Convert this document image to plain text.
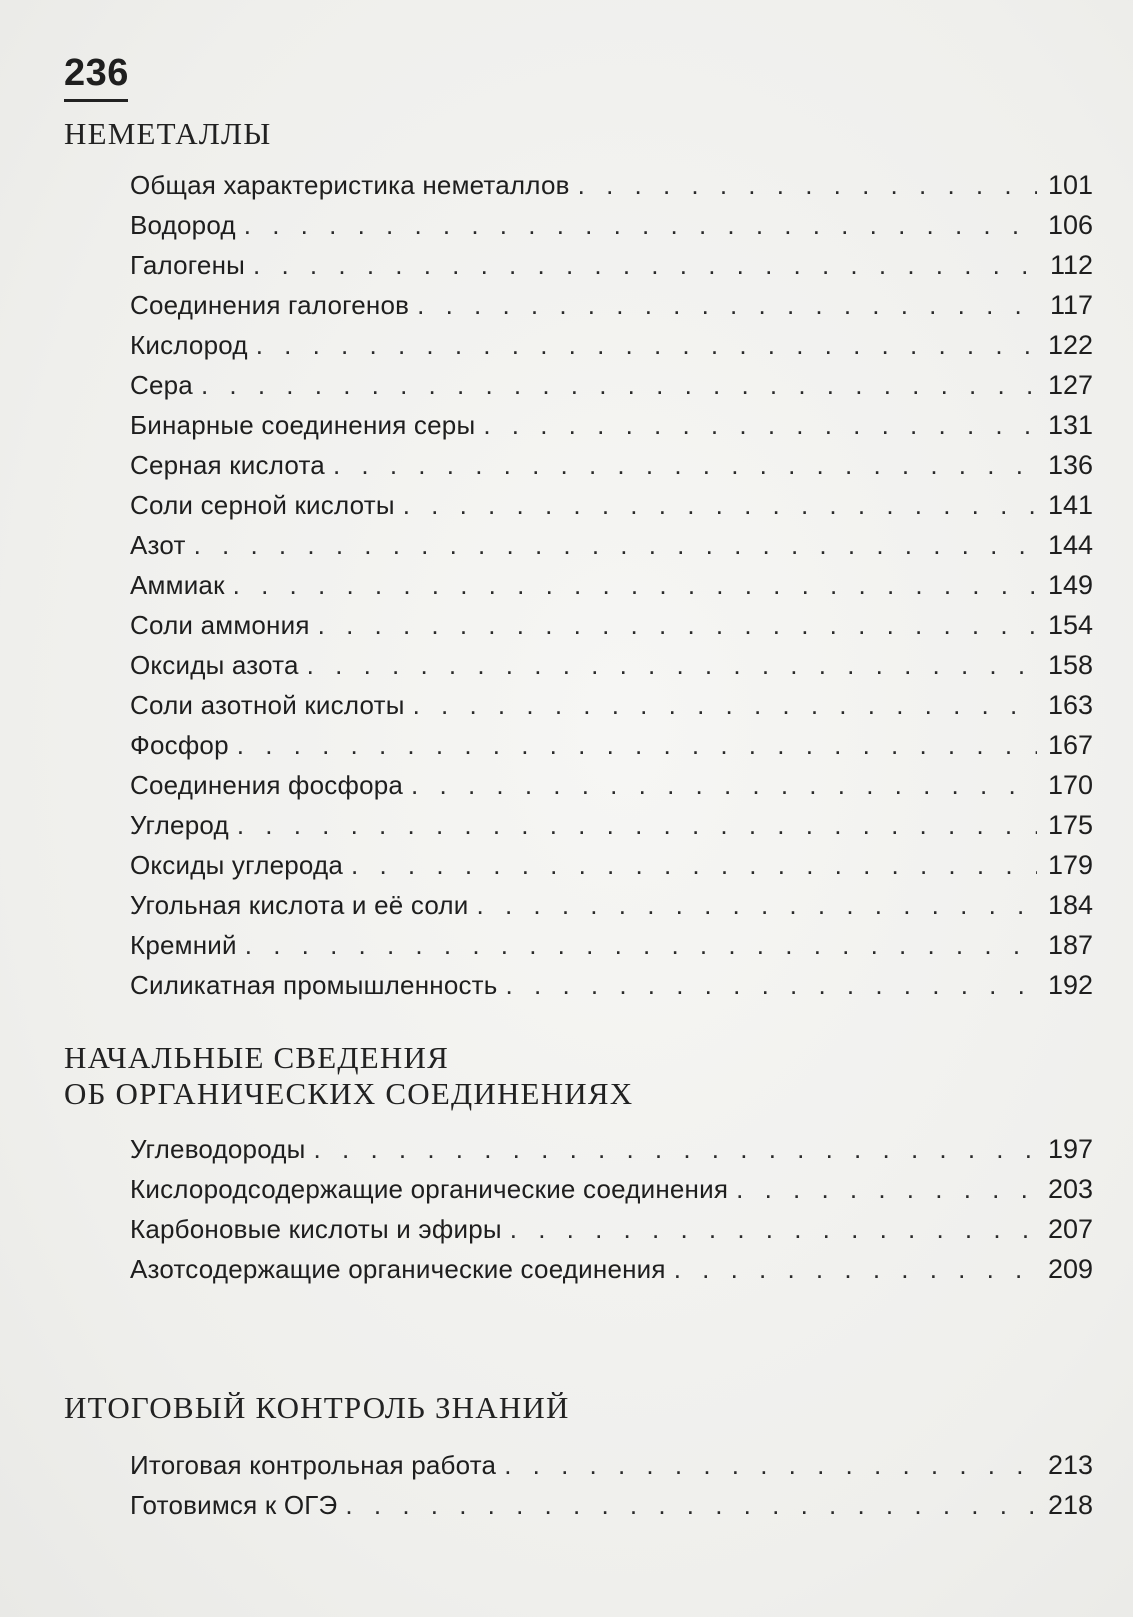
236
НЕМЕТАЛЛЫ
Общая характеристика неметаллов . . .	101
Водород . . .	106
Галогены . . .	112
Соединения галогенов . . .	117
Кислород . . .	122
Сера . . .	127
Бинарные соединения серы . . .	131
Серная кислота . . .	136
Соли серной кислоты . . .	141
Азот . . .	144
Аммиак . . .	149
Соли аммония . . .	154
Оксиды азота . . .	158
Соли азотной кислоты . . .	163
Фосфор . . .	167
Соединения фосфора . . .	170
Углерод . . .	175
Оксиды углерода . . .	179
Угольная кислота и её соли . . .	184
Кремний . . .	187
Силикатная промышленность . . .	192
НАЧАЛЬНЫЕ СВЕДЕНИЯ
ОБ ОРГАНИЧЕСКИХ СОЕДИНЕНИЯХ
Углеводороды . . .	197
Кислородсодержащие органические соединения . . .	203
Карбоновые кислоты и эфиры . . .	207
Азотсодержащие органические соединения . . .	209
ИТОГОВЫЙ КОНТРОЛЬ ЗНАНИЙ
Итоговая контрольная работа . . .	213
Готовимся к ОГЭ . . .	218
